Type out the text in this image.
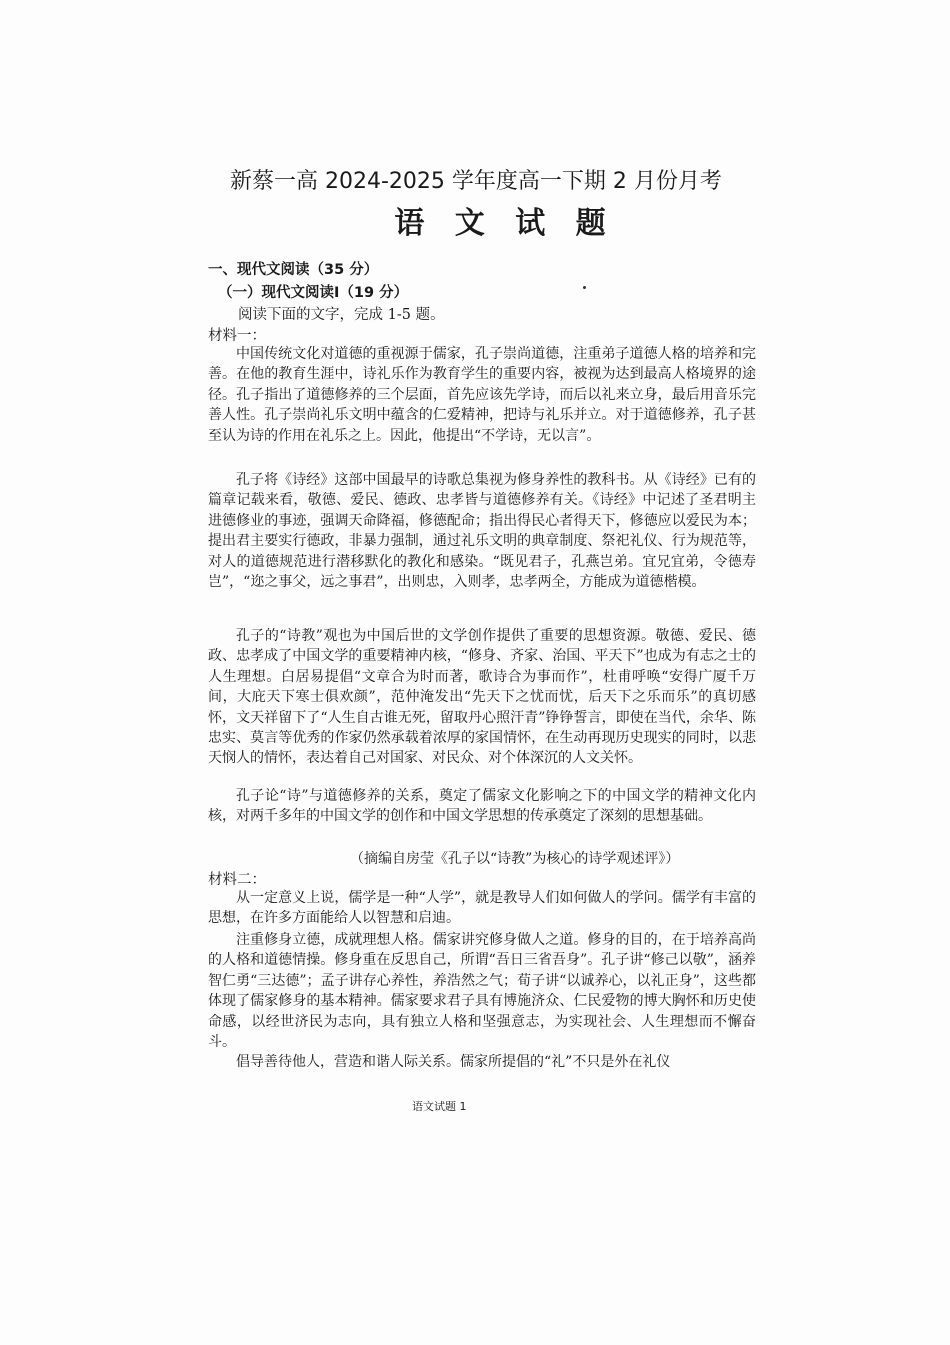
新蔡一高 2024-2025 学年度高一下期 2 月份月考
语 文 试 题
一、现代文阅读（35 分）
（一）现代文阅读Ⅰ（19 分）
阅读下面的文字，完成 1-5 题。
材料一：
中国传统文化对道德的重视源于儒家，孔子崇尚道德，注重弟子道德人格的培养和完善。在他的教育生涯中，诗礼乐作为教育学生的重要内容，被视为达到最高人格境界的途径。孔子指出了道德修养的三个层面，首先应该先学诗，而后以礼来立身，最后用音乐完善人性。孔子崇尚礼乐文明中蕴含的仁爱精神，把诗与礼乐并立。对于道德修养，孔子甚至认为诗的作用在礼乐之上。因此，他提出“不学诗，无以言”。
孔子将《诗经》这部中国最早的诗歌总集视为修身养性的教科书。从《诗经》已有的篇章记载来看，敬德、爱民、德政、忠孝皆与道德修养有关。《诗经》中记述了圣君明主进德修业的事迹，强调天命降福，修德配命；指出得民心者得天下，修德应以爱民为本；提出君主要实行德政，非暴力强制，通过礼乐文明的典章制度、祭祀礼仪、行为规范等，对人的道德规范进行潜移默化的教化和感染。“既见君子，孔燕岂弟。宜兄宜弟，令德寿岂”，“迩之事父，远之事君”，出则忠，入则孝，忠孝两全，方能成为道德楷模。
孔子的“诗教”观也为中国后世的文学创作提供了重要的思想资源。敬德、爱民、德政、忠孝成了中国文学的重要精神内核，“修身、齐家、治国、平天下”也成为有志之士的人生理想。白居易提倡“文章合为时而著，歌诗合为事而作”，杜甫呼唤“安得广厦千万间，大庇天下寒士俱欢颜”，范仲淹发出“先天下之忧而忧，后天下之乐而乐”的真切感怀，文天祥留下了“人生自古谁无死，留取丹心照汗青”铮铮誓言，即使在当代，余华、陈忠实、莫言等优秀的作家仍然承载着浓厚的家国情怀，在生动再现历史现实的同时，以悲天悯人的情怀，表达着自己对国家、对民众、对个体深沉的人文关怀。
孔子论“诗”与道德修养的关系，奠定了儒家文化影响之下的中国文学的精神文化内核，对两千多年的中国文学的创作和中国文学思想的传承奠定了深刻的思想基础。
（摘编自房莹《孔子以“诗教”为核心的诗学观述评》）
材料二：
从一定意义上说，儒学是一种“人学”，就是教导人们如何做人的学问。儒学有丰富的思想，在许多方面能给人以智慧和启迪。
注重修身立德，成就理想人格。儒家讲究修身做人之道。修身的目的，在于培养高尚的人格和道德情操。修身重在反思自己，所谓“吾日三省吾身”。孔子讲“修己以敬”，涵养智仁勇“三达德”；孟子讲存心养性，养浩然之气；荀子讲“以诚养心，以礼正身”，这些都体现了儒家修身的基本精神。儒家要求君子具有博施济众、仁民爱物的博大胸怀和历史使命感，以经世济民为志向，具有独立人格和坚强意志，为实现社会、人生理想而不懈奋斗。
倡导善待他人，营造和谐人际关系。儒家所提倡的“礼”不只是外在礼仪
语文试题 1
